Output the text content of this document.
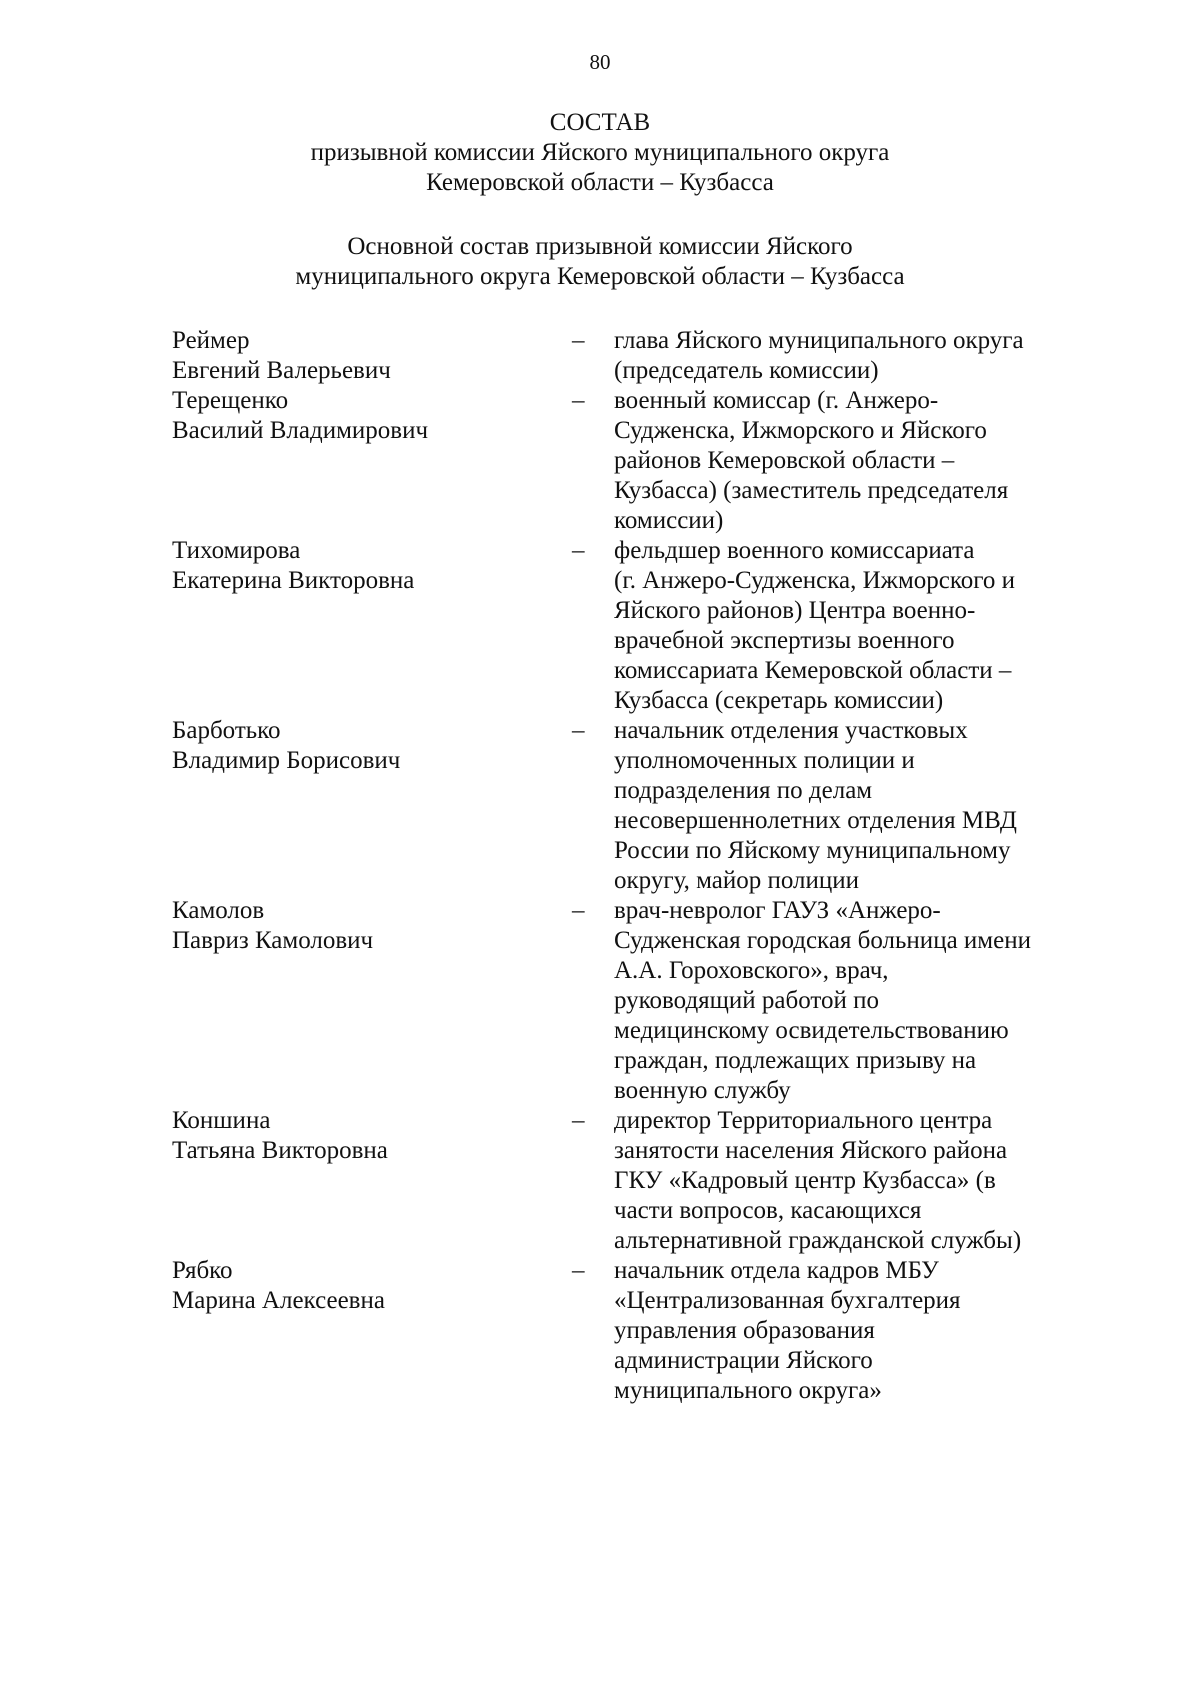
80
СОСТАВ
призывной комиссии Яйского муниципального округа
Кемеровской области – Кузбасса
Основной состав призывной комиссии Яйского
муниципального округа Кемеровской области – Кузбасса
Реймер
Евгений Валерьевич
–	глава Яйского муниципального округа
(председатель комиссии)
Терещенко
Василий Владимирович
–	военный комиссар (г. Анжеро-
Судженска, Ижморского и Яйского
районов Кемеровской области –
Кузбасса) (заместитель председателя
комиссии)
Тихомирова
Екатерина Викторовна
–	фельдшер военного комиссариата
(г. Анжеро-Судженска, Ижморского и
Яйского районов) Центра военно-
врачебной экспертизы военного
комиссариата Кемеровской области –
Кузбасса (секретарь комиссии)
Барботько
Владимир Борисович
–	начальник отделения участковых
уполномоченных полиции и
подразделения по делам
несовершеннолетних отделения МВД
России по Яйскому муниципальному
округу, майор полиции
Камолов
Павриз Камолович
–	врач-невролог ГАУЗ «Анжеро-
Судженская городская больница имени
А.А. Гороховского», врач,
руководящий работой по
медицинскому освидетельствованию
граждан, подлежащих призыву на
военную службу
Коншина
Татьяна Викторовна
–	директор Территориального центра
занятости населения Яйского района
ГКУ «Кадровый центр Кузбасса» (в
части вопросов, касающихся
альтернативной гражданской службы)
Рябко
Марина Алексеевна
–	начальник отдела кадров МБУ
«Централизованная бухгалтерия
управления образования
администрации Яйского
муниципального округа»
